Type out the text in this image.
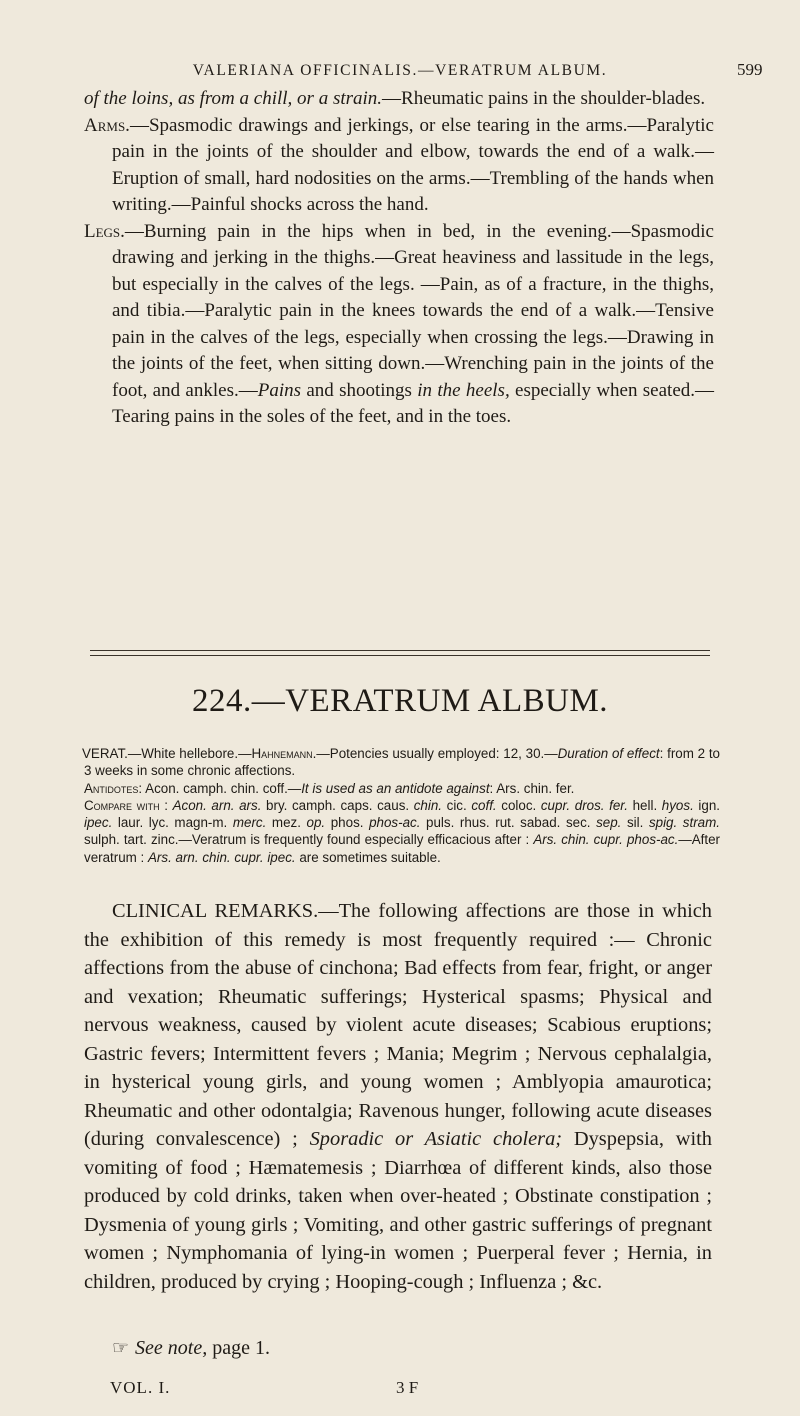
VALERIANA OFFICINALIS.—VERATRUM ALBUM.	599

of the loins, as from a chill, or a strain.—Rheumatic pains in the shoulder-blades.

Arms.—Spasmodic drawings and jerkings, or else tearing in the arms.—Paralytic pain in the joints of the shoulder and elbow, towards the end of a walk.—Eruption of small, hard nodosities on the arms.—Trembling of the hands when writing.—Painful shocks across the hand.

Legs.—Burning pain in the hips when in bed, in the evening.—Spasmodic drawing and jerking in the thighs.—Great heaviness and lassitude in the legs, but especially in the calves of the legs. —Pain, as of a fracture, in the thighs, and tibia.—Paralytic pain in the knees towards the end of a walk.—Tensive pain in the calves of the legs, especially when crossing the legs.—Drawing in the joints of the feet, when sitting down.—Wrenching pain in the joints of the foot, and ankles.—Pains and shootings in the heels, especially when seated.—Tearing pains in the soles of the feet, and in the toes.

224.—VERATRUM ALBUM.

VERAT.—White hellebore.—Hahnemann.—Potencies usually employed: 12, 30.—Duration of effect: from 2 to 3 weeks in some chronic affections.
Antidotes: Acon. camph. chin. coff.—It is used as an antidote against: Ars. chin. fer.
Compare with : Acon. arn. ars. bry. camph. caps. caus. chin. cic. coff. coloc. cupr. dros. fer. hell. hyos. ign. ipec. laur. lyc. magn-m. merc. mez. op. phos. phos-ac. puls. rhus. rut. sabad. sec. sep. sil. spig. stram. sulph. tart. zinc.—Veratrum is frequently found especially efficacious after : Ars. chin. cupr. phos-ac.—After veratrum : Ars. arn. chin. cupr. ipec. are sometimes suitable.

CLINICAL REMARKS.—The following affections are those in which the exhibition of this remedy is most frequently required :— Chronic affections from the abuse of cinchona; Bad effects from fear, fright, or anger and vexation; Rheumatic sufferings; Hysterical spasms; Physical and nervous weakness, caused by violent acute diseases; Scabious eruptions; Gastric fevers; Intermittent fevers ; Mania; Megrim ; Nervous cephalalgia, in hysterical young girls, and young women ; Amblyopia amaurotica; Rheumatic and other odontalgia; Ravenous hunger, following acute diseases (during convalescence) ; Sporadic or Asiatic cholera; Dyspepsia, with vomiting of food ; Hæmatemesis ; Diarrhœa of different kinds, also those produced by cold drinks, taken when over-heated ; Obstinate constipation ; Dysmenia of young girls ; Vomiting, and other gastric sufferings of pregnant women ; Nymphomania of lying-in women ; Puerperal fever ; Hernia, in children, produced by crying ; Hooping-cough ; Influenza ; &c.

☞ See note, page 1.
VOL. I.	3 F
